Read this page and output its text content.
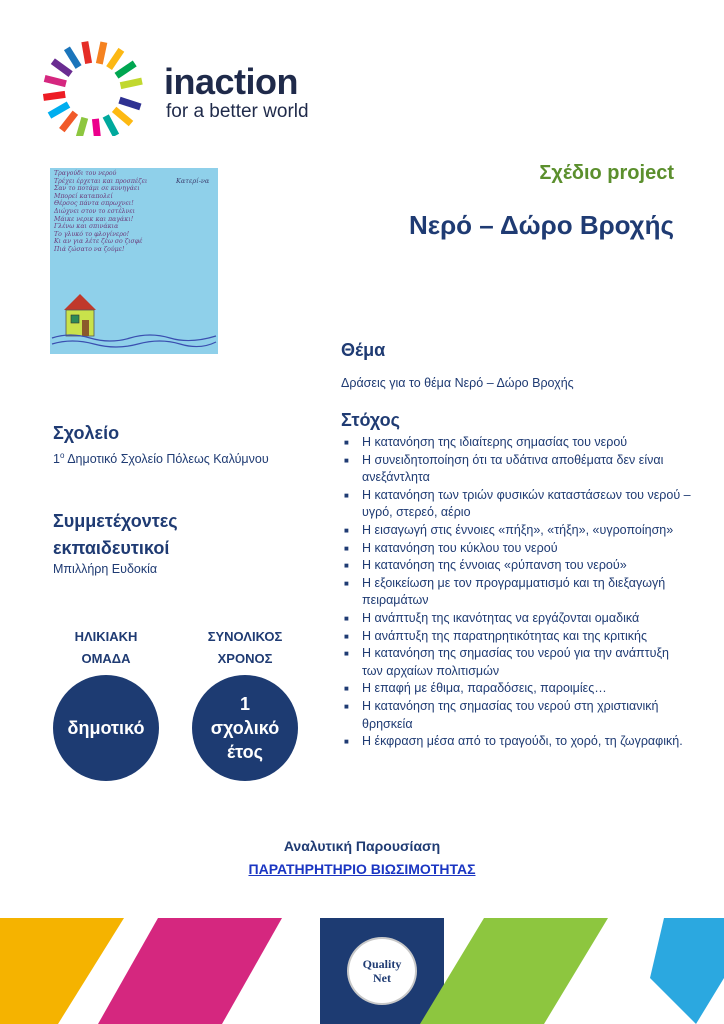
inaction
for a better world
Τραγούδι του νερού
Τρέχει έρχεται και προσπέζει
Σαν το ποτάμι σε κυνηγάει
Μπορεί καταπολεί
Θέρσος πάντα σπρωχνει!
Διώχνει στον το εστέλνει
Μάικε νερικ και παγάκι!
Γλένω και σπινάκια
Το γλυκό το φλογίνερο!
Κι αν για λέτε ζέω σο ζισφέ
Πιά ζώσατο να ζούμε!
Κατερί-να	Σχέδιο project
Νερό – Δώρο Βροχής
Θέμα
Δράσεις για το θέμα Νερό – Δώρο Βροχής
Στόχος
■ Η κατανόηση της ιδιαίτερης σημασίας του νερού
■ Η συνειδητοποίηση ότι τα υδάτινα αποθέματα δεν είναι ανεξάντλητα
■ Η κατανόηση των τριών φυσικών καταστάσεων του νερού – υγρό, στερεό, αέριο
■ Η εισαγωγή στις έννοιες «πήξη», «τήξη», «υγροποίηση»
■ Η κατανόηση του κύκλου του νερού
■ Η κατανόηση της έννοιας «ρύπανση του νερού»
■ Η εξοικείωση με τον προγραμματισμό και τη διεξαγωγή πειραμάτων
■ Η ανάπτυξη της ικανότητας να εργάζονται ομαδικά
■ Η ανάπτυξη της παρατηρητικότητας και της κριτικής
■ Η κατανόηση της σημασίας του νερού για την ανάπτυξη των αρχαίων πολιτισμών
■ Η επαφή με έθιμα, παραδόσεις, παροιμίες…
■ Η κατανόηση της σημασίας του νερού στη χριστιανική θρησκεία
■ Η έκφραση μέσα από το τραγούδι, το χορό, τη ζωγραφική.
Σχολείο
$1^o$ Δημοτικό Σχολείο Πόλεως Καλύμνου
Συμμετέχοντες
εκπαιδευτικοί
Μπιλλήρη Ευδοκία
ΗΛΙΚΙΑΚΗ
ΟΜΑΔΑ
δημοτικό
ΣΥΝΟΛΙΚΟΣ
ΧΡΟΝΟΣ
1
σχολικό
έτος
Αναλυτική Παρουσίαση
ΠΑΡΑΤΗΡΗΤΗΡΙΟ ΒΙΩΣΙΜΟΤΗΤΑΣ
Quality
Net
